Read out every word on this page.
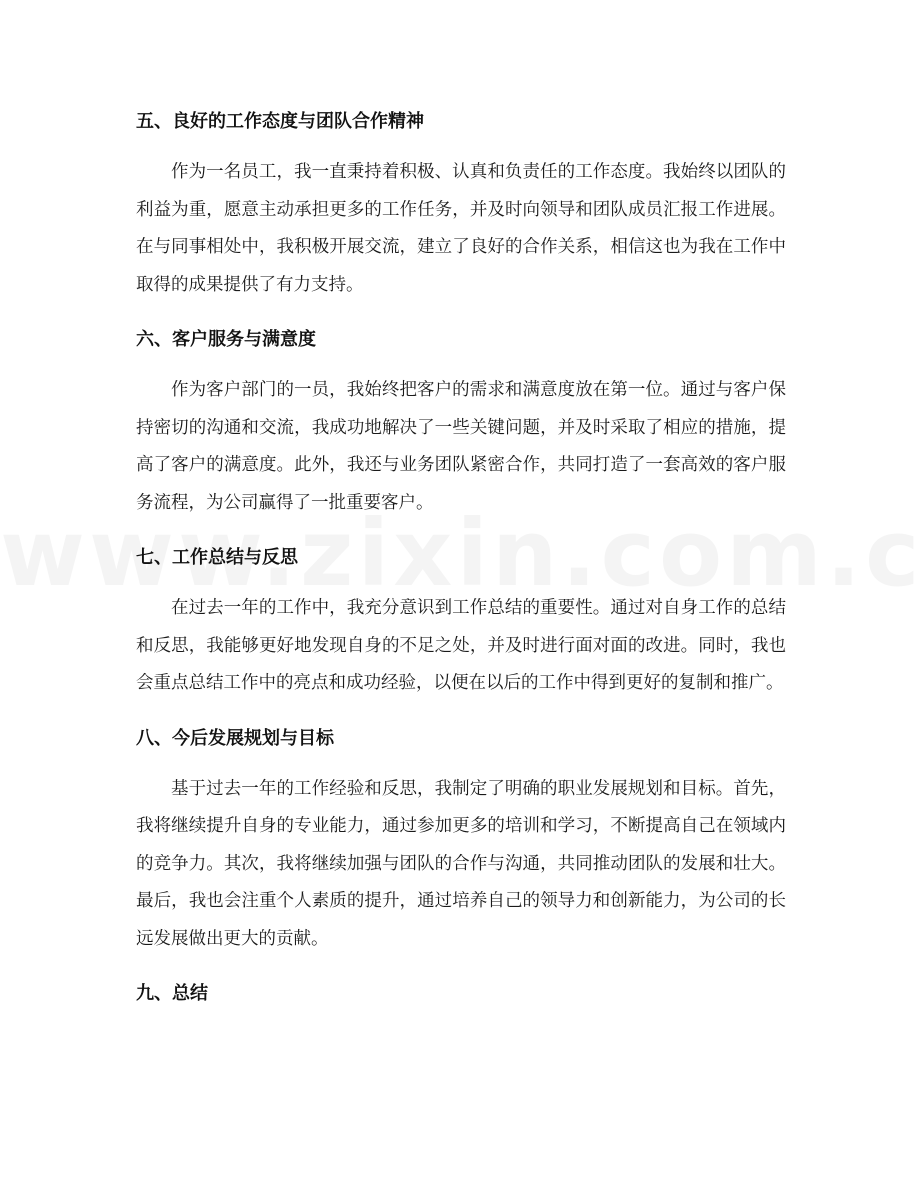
五、良好的工作态度与团队合作精神

作为一名员工，我一直秉持着积极、认真和负责任的工作态度。我始终以团队的利益为重，愿意主动承担更多的工作任务，并及时向领导和团队成员汇报工作进展。在与同事相处中，我积极开展交流，建立了良好的合作关系，相信这也为我在工作中取得的成果提供了有力支持。

六、客户服务与满意度

作为客户部门的一员，我始终把客户的需求和满意度放在第一位。通过与客户保持密切的沟通和交流，我成功地解决了一些关键问题，并及时采取了相应的措施，提高了客户的满意度。此外，我还与业务团队紧密合作，共同打造了一套高效的客户服务流程，为公司赢得了一批重要客户。

七、工作总结与反思

在过去一年的工作中，我充分意识到工作总结的重要性。通过对自身工作的总结和反思，我能够更好地发现自身的不足之处，并及时进行面对面的改进。同时，我也会重点总结工作中的亮点和成功经验，以便在以后的工作中得到更好的复制和推广。

八、今后发展规划与目标

基于过去一年的工作经验和反思，我制定了明确的职业发展规划和目标。首先，我将继续提升自身的专业能力，通过参加更多的培训和学习，不断提高自己在领域内的竞争力。其次，我将继续加强与团队的合作与沟通，共同推动团队的发展和壮大。最后，我也会注重个人素质的提升，通过培养自己的领导力和创新能力，为公司的长远发展做出更大的贡献。

九、总结
